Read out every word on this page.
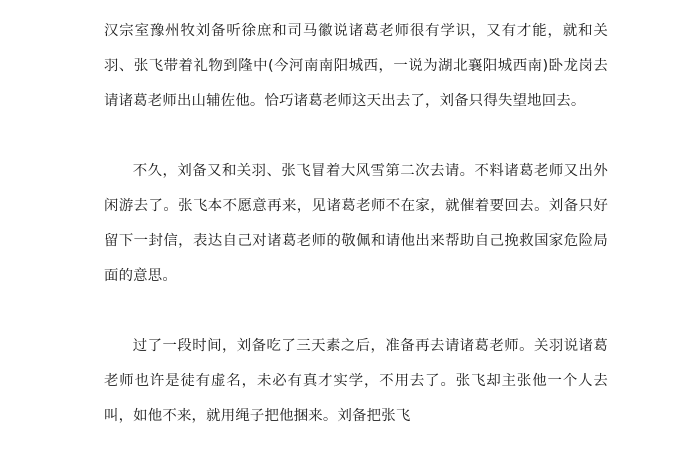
汉宗室豫州牧刘备听徐庶和司马徽说诸葛老师很有学识，又有才能，就和关羽、张飞带着礼物到隆中(今河南南阳城西，一说为湖北襄阳城西南)卧龙岗去请诸葛老师出山辅佐他。恰巧诸葛老师这天出去了，刘备只得失望地回去。

不久，刘备又和关羽、张飞冒着大风雪第二次去请。不料诸葛老师又出外闲游去了。张飞本不愿意再来，见诸葛老师不在家，就催着要回去。刘备只好留下一封信，表达自己对诸葛老师的敬佩和请他出来帮助自己挽救国家危险局面的意思。

过了一段时间，刘备吃了三天素之后，准备再去请诸葛老师。关羽说诸葛老师也许是徒有虚名，未必有真才实学，不用去了。张飞却主张他一个人去叫，如他不来，就用绳子把他捆来。刘备把张飞
